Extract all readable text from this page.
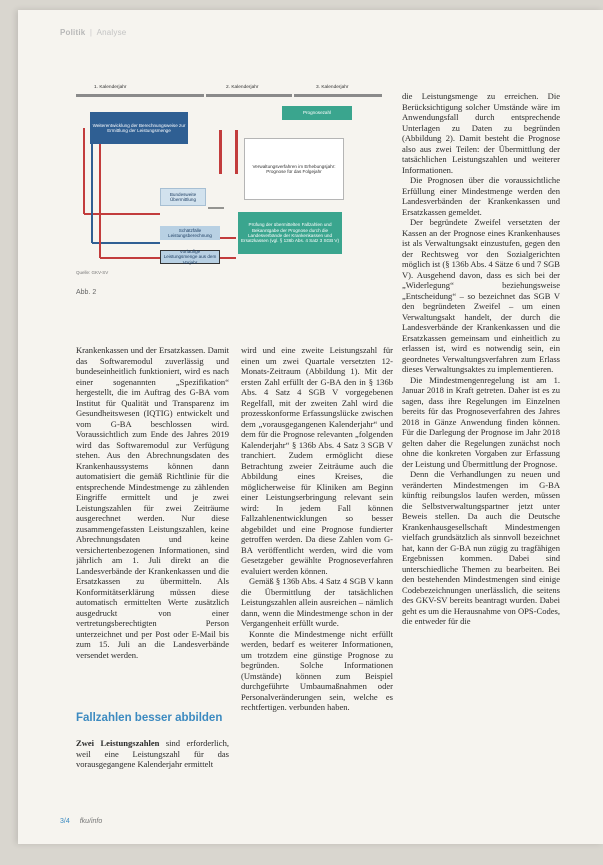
Politik | Analyse
1. Kalenderjahr	2. Kalenderjahr	3. Kalenderjahr
Weiterentwicklung der Berechnungsweise zur Ermittlung der Leistungsmenge
Prognosezahl
Verwaltungsverfahren im Erhebungsjahr: Prognose für das Folgejahr
Bundesweite Übermittlung
Schätzfälle Leistungsberechnung
Vorläufige Leistungsmenge aus dem Vorjahr
Prüfung der übermittelten Fallzahlen und Bekanntgabe der Prognose durch die Landesverbände der Krankenkassen und Ersatzkassen (vgl. § 136b Abs. 4 Satz 3 SGB V)
Quelle: GKV-SV
Abb. 2

Krankenkassen und der Ersatzkassen. Damit das Softwaremodul zuverlässig und bundeseinheitlich funktioniert, wird es nach einer sogenannten „Spezifikation“ hergestellt, die im Auftrag des G-BA vom Institut für Qualität und Transparenz im Gesundheitswesen (IQTIG) entwickelt und vom G-BA beschlossen wird. Voraussichtlich zum Ende des Jahres 2019 wird das Softwaremodul zur Verfügung stehen. Aus den Abrechnungsdaten des Krankenhaussystems können dann automatisiert die gemäß Richtlinie für die entsprechende Mindestmenge zu zählenden Eingriffe ermittelt und je zwei Leistungszahlen für zwei Zeiträume ausgerechnet werden. Nur diese zusammengefassten Leistungszahlen, keine Abrechnungsdaten und keine versichertenbezogenen Informationen, sind jährlich am 1. Juli direkt an die Landesverbände der Krankenkassen und die Ersatzkassen zu übermitteln. Als Konformitätserklärung müssen diese automatisch ermittelten Werte zusätzlich ausgedruckt von einer vertretungsberechtigten Person unterzeichnet und per Post oder E-Mail bis zum 15. Juli an die Landesverbände versendet werden.

Fallzahlen besser abbilden

Zwei Leistungszahlen sind erforderlich, weil eine Leistungszahl für das vorausgegangene Kalenderjahr ermittelt

wird und eine zweite Leistungszahl für einen um zwei Quartale versetzten 12-Monats-Zeitraum (Abbildung 1). Mit der ersten Zahl erfüllt der G-BA den in § 136b Abs. 4 Satz 4 SGB V vorgegebenen Regelfall, mit der zweiten Zahl wird die prozesskonforme Erfassungslücke zwischen dem „vorausgegangenen Kalenderjahr“ und dem für die Prognose relevanten „folgenden Kalenderjahr“ § 136b Abs. 4 Satz 3 SGB V tranchiert. Zudem ermöglicht diese Betrachtung zweier Zeiträume auch die Abbildung eines Kreises, die möglicherweise für Kliniken am Beginn einer Leistungserbringung relevant sein wird: In jedem Fall können Fallzahlenentwicklungen so besser abgebildet und eine Prognose fundierter getroffen werden. Da diese Zahlen vom G-BA veröffentlicht werden, wird die vom Gesetzgeber gewählte Prognoseverfahren evaluiert werden können.

Gemäß § 136b Abs. 4 Satz 4 SGB V kann die Übermittlung der tatsächlichen Leistungszahlen allein ausreichen – nämlich dann, wenn die Mindestmenge schon in der Vergangenheit erfüllt wurde.

Konnte die Mindestmenge nicht erfüllt werden, bedarf es weiterer Informationen, um trotzdem eine günstige Prognose zu begründen. Solche Informationen (Umstände) können zum Beispiel durchgeführte Umbaumaßnahmen oder Personalveränderungen sein, welche es rechtfertigen. verbunden haben.

die Leistungsmenge zu erreichen. Die Berücksichtigung solcher Umstände wäre im Anwendungsfall durch entsprechende Unterlagen zu Daten zu begründen (Abbildung 2). Damit besteht die Prognose also aus zwei Teilen: der Übermittlung der tatsächlichen Leistungszahlen und weiterer Informationen.

Die Prognosen über die voraussichtliche Erfüllung einer Mindestmenge werden den Landesverbänden der Krankenkassen und Ersatzkassen gemeldet.

Der begründete Zweifel versetzten der Kassen an der Prognose eines Krankenhauses ist als Verwaltungsakt einzustufen, gegen den der Rechtsweg vor den Sozialgerichten möglich ist (§ 136b Abs. 4 Sätze 6 und 7 SGB V). Ausgehend davon, dass es sich bei der „Widerlegung“ beziehungsweise „Entscheidung“ – so bezeichnet das SGB V den begründeten Zweifel – um einen Verwaltungsakt handelt, der durch die Landesverbände der Krankenkassen und die Ersatzkassen gemeinsam und einheitlich zu erlassen ist, wird es notwendig sein, ein geordnetes Verwaltungsverfahren zum Erlass dieses Verwaltungsaktes zu implementieren.

Die Mindestmengenregelung ist am 1. Januar 2018 in Kraft getreten. Daher ist es zu sagen, dass ihre Regelungen im Einzelnen bereits für das Prognoseverfahren des Jahres 2018 in Gänze Anwendung finden können. Für die Darlegung der Prognose im Jahr 2018 gelten daher die Regelungen zunächst noch ohne die konkreten Vorgaben zur Erfassung der Leistung und Übermittlung der Prognose.

Denn die Verhandlungen zu neuen und veränderten Mindestmengen im G-BA künftig reibungslos laufen werden, müssen die Selbstverwaltungspartner jetzt unter Beweis stellen. Da auch die Deutsche Krankenhausgesellschaft Mindestmengen vielfach grundsätzlich als sinnvoll bezeichnet hat, kann der G-BA nun zügig zu tragfähigen Ergebnissen kommen. Dabei sind unterschiedliche Themen zu bearbeiten. Bei den bestehenden Mindestmengen sind einige Codebezeichnungen unerlässlich, die seitens des GKV-SV bereits beantragt wurden. Dabei geht es um die Herausnahme von OPS-Codes, die entweder für die

3/4 fku/info
